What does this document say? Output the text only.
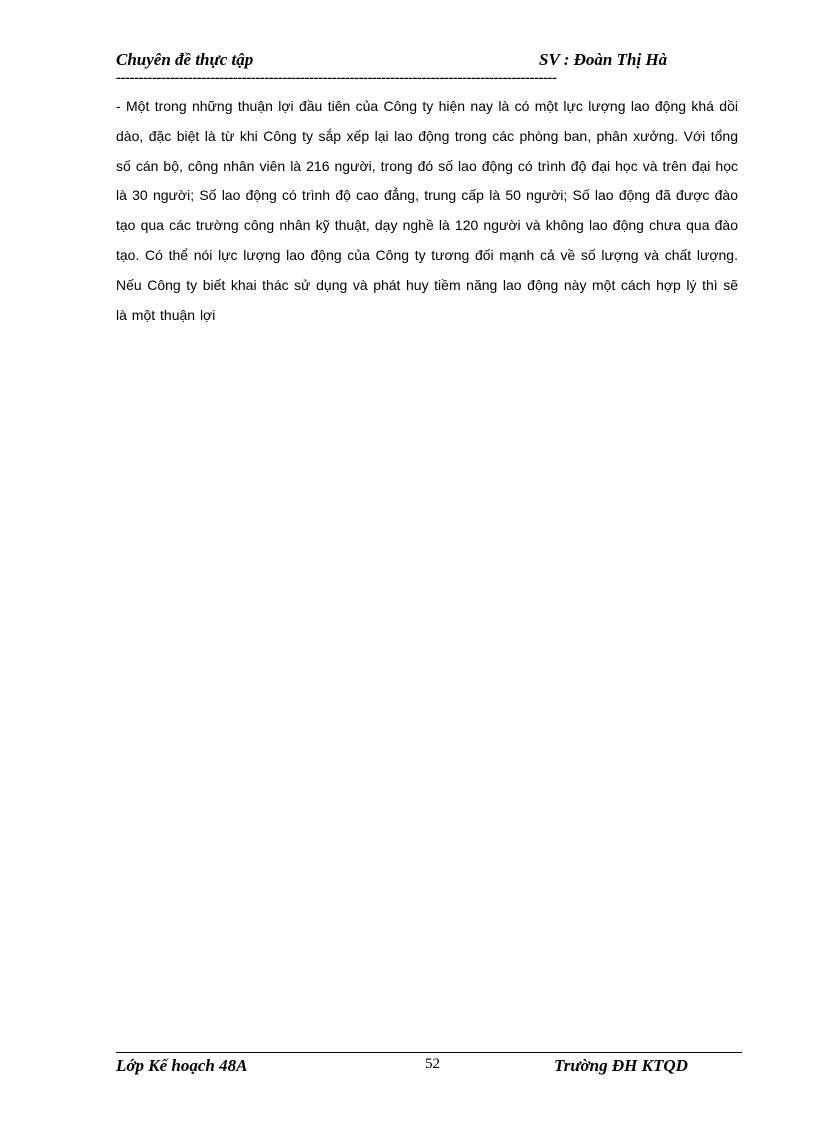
Chuyên đề thực tập	SV : Đoàn Thị Hà
--------------------------------------------------------------------------------------------------
- Một trong những thuận lợi đầu tiên của Công ty hiện nay là có một lực lượng lao động khá dồi dào, đặc biệt là từ khi Công ty sắp xếp lại lao động trong các phòng ban, phân xưởng. Với tổng số cán bộ, công nhân viên là 216 người, trong đó số lao động có trình độ đại học và trên đại học là 30 người; Số lao động có trình độ cao đẳng, trung cấp là 50 người; Số lao động đã được đào tạo qua các trường công nhân kỹ thuật, dạy nghề là 120 người và không lao động chưa qua đào tạo. Có thể nói lực lượng lao động của Công ty tương đối mạnh cả về số lượng và chất lượng. Nếu Công ty biết khai thác sử dụng và phát huy tiềm năng lao động này một cách hợp lý thì sẽ là một thuận lợi
Lớp Kế hoạch 48A	52	Trường ĐH KTQD
